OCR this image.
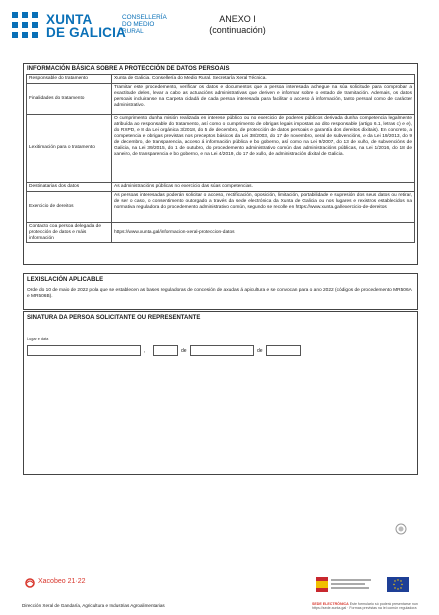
XUNTA
DE GALICIA
CONSELLERÍA
DO MEDIO
RURAL
ANEXO I
(continuación)
INFORMACIÓN BÁSICA SOBRE A PROTECCIÓN DE DATOS PERSOAIS
Responsable do tratamento	Xunta de Galicia. Consellería do Medio Rural. Secretaría Xeral Técnica.
Finalidades do tratamento	Tramitar este procedemento, verificar os datos e documentos que a persoa interesada achegue na súa solicitude para comprobar a exactitude deles, levar a cabo as actuacións administrativas que deriven e informar sobre o estado de tramitación. Ademais, os datos persoais incluiranse na Carpeta cidadá de cada persoa interesada para facilitar o acceso á información, tanto persoal como de carácter administrativo.
Lexitimación para o tratamento	O cumprimento dunha misión realizada en interese público ou no exercicio de poderes públicos derivada dunha competencia legalmente atribuída ao responsable do tratamento, así como o cumprimento de obrigas legais impostas ao dito responsable (artigo 6.1, letras c) e e), do RXPD, e 8 da Lei orgánica 3/2018, do 5 de decembro, de protección de datos persoais e garantía dos dereitos dixitais). En concreto, a competencia e obrigas previstas nos preceptos básicos da Lei 38/2003, do 17 de novembro, xeral de subvencións, e da Lei 19/2013, do 9 de decembro, de transparencia, acceso á información pública e bo goberno, así como na Lei 9/2007, do 13 de xuño, de subvencións de Galicia, na Lei 39/2015, do 1 de outubro, do procedemento administrativo común das administracións públicas, na Lei 1/2016, do 18 de xaneiro, de transparencia e bo goberno, e na Lei 4/2019, do 17 de xullo, de administración dixital de Galicia.
Destinatarias dos datos	As administracións públicas no exercicio das súas competencias.
Exercicio de dereitos	As persoas interesadas poderán solicitar o acceso, rectificación, oposición, limitación, portabilidade e supresión dos seus datos ou retirar, de ser o caso, o consentimento outorgado a través da sede electrónica da Xunta de Galicia ou nos lugares e rexistros establecidos na normativa reguladora do procedemento administrativo común, segundo se recolle en https://www.xunta.gal/exercicio-de-dereitos
Contacto coa persoa delegada de protección de datos e máis información	https://www.xunta.gal/informacion-xeral-proteccion-datos
LEXISLACIÓN APLICABLE
Orde do 10 de maio de 2022 pola que se establecen as bases reguladoras de concesión de axudas á apicultura e se convocan para o ano 2022 (códigos de procedemento MR506A e MR506B).
SINATURA DA PERSOA SOLICITANTE OU REPRESENTANTE
Lugar e data
,	de	de
Xacobeo 21·22
Dirección Xeral de Gandaría, Agricultura e Industrias Agroalimentarias	SEDE ELECTRÓNICA Este formulario só poderá presentarse nun https://sede.xunta.gal · Formas previstas na lei común reguladora
